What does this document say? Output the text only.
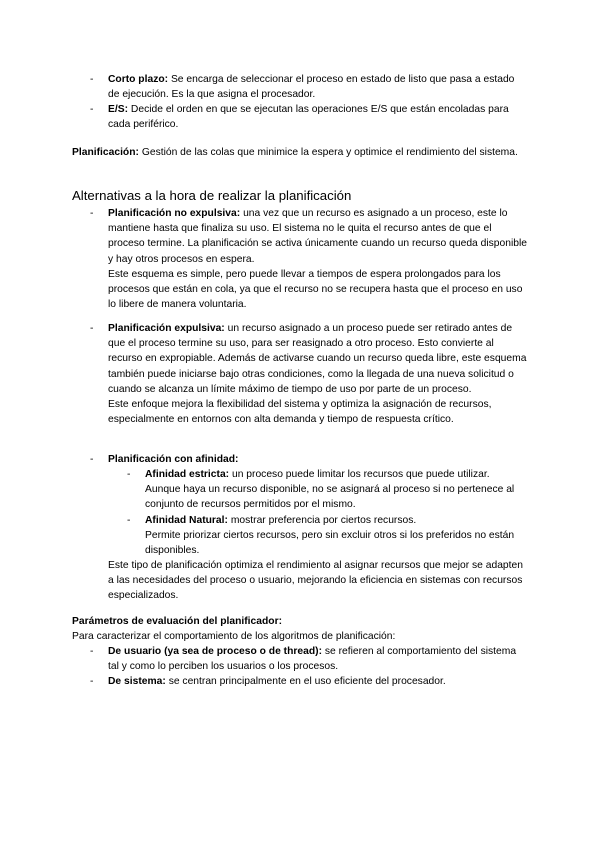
- Corto plazo: Se encarga de seleccionar el proceso en estado de listo que pasa a estado de ejecución. Es la que asigna el procesador.
- E/S: Decide el orden en que se ejecutan las operaciones E/S que están encoladas para cada periférico.

Planificación: Gestión de las colas que minimice la espera y optimice el rendimiento del sistema.

Alternativas a la hora de realizar la planificación
- Planificación no expulsiva: una vez que un recurso es asignado a un proceso, este lo mantiene hasta que finaliza su uso. El sistema no le quita el recurso antes de que el proceso termine. La planificación se activa únicamente cuando un recurso queda disponible y hay otros procesos en espera.

Este esquema es simple, pero puede llevar a tiempos de espera prolongados para los procesos que están en cola, ya que el recurso no se recupera hasta que el proceso en uso lo libere de manera voluntaria.

- Planificación expulsiva: un recurso asignado a un proceso puede ser retirado antes de que el proceso termine su uso, para ser reasignado a otro proceso. Esto convierte al recurso en expropiable. Además de activarse cuando un recurso queda libre, este esquema también puede iniciarse bajo otras condiciones, como la llegada de una nueva solicitud o cuando se alcanza un límite máximo de tiempo de uso por parte de un proceso.

Este enfoque mejora la flexibilidad del sistema y optimiza la asignación de recursos, especialmente en entornos con alta demanda y tiempo de respuesta crítico.

- Planificación con afinidad:
- Afinidad estricta: un proceso puede limitar los recursos que puede utilizar. Aunque haya un recurso disponible, no se asignará al proceso si no pertenece al conjunto de recursos permitidos por el mismo.
- Afinidad Natural: mostrar preferencia por ciertos recursos.

Permite priorizar ciertos recursos, pero sin excluir otros si los preferidos no están disponibles.

Este tipo de planificación optimiza el rendimiento al asignar recursos que mejor se adapten a las necesidades del proceso o usuario, mejorando la eficiencia en sistemas con recursos especializados.

Parámetros de evaluación del planificador:

Para caracterizar el comportamiento de los algoritmos de planificación:

- De usuario (ya sea de proceso o de thread): se refieren al comportamiento del sistema tal y como lo perciben los usuarios o los procesos.
- De sistema: se centran principalmente en el uso eficiente del procesador.
